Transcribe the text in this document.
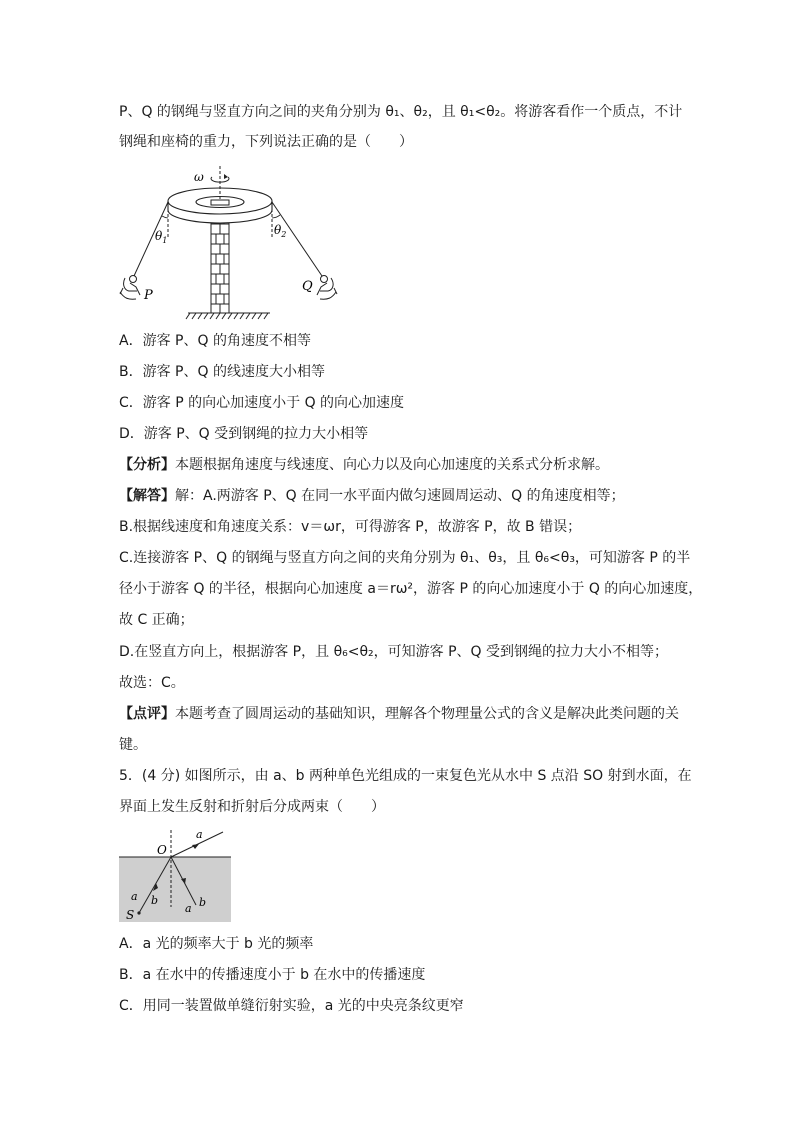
P、Q 的钢绳与竖直方向之间的夹角分别为 θ₁、θ₂，且 θ₁<θ₂。将游客看作一个质点，不计
钢绳和座椅的重力，下列说法正确的是（　　）
ω
$\theta_1$
P
$\theta_2$
Q
A．游客 P、Q 的角速度不相等
B．游客 P、Q 的线速度大小相等
C．游客 P 的向心加速度小于 Q 的向心加速度
D．游客 P、Q 受到钢绳的拉力大小相等
【分析】本题根据角速度与线速度、向心力以及向心加速度的关系式分析求解。
【解答】解：A.两游客 P、Q 在同一水平面内做匀速圆周运动、Q 的角速度相等；
B.根据线速度和角速度关系：v＝ωr，可得游客 P，故游客 P，故 B 错误；
C.连接游客 P、Q 的钢绳与竖直方向之间的夹角分别为 θ₁、θ₃，且 θ₆<θ₃，可知游客 P 的半
径小于游客 Q 的半径，根据向心加速度 a＝rω²，游客 P 的向心加速度小于 Q 的向心加速度，
故 C 正确；
D.在竖直方向上，根据游客 P，且 θ₆<θ₂，可知游客 P、Q 受到钢绳的拉力大小不相等；
故选：C。
【点评】本题考查了圆周运动的基础知识，理解各个物理量公式的含义是解决此类问题的关
键。
5．(4 分) 如图所示，由 a、b 两种单色光组成的一束复色光从水中 S 点沿 SO 射到水面，在
界面上发生反射和折射后分成两束（　　）
O
S
a
a b
a b
A．a 光的频率大于 b 光的频率
B．a 在水中的传播速度小于 b 在水中的传播速度
C．用同一装置做单缝衍射实验，a 光的中央亮条纹更窄
